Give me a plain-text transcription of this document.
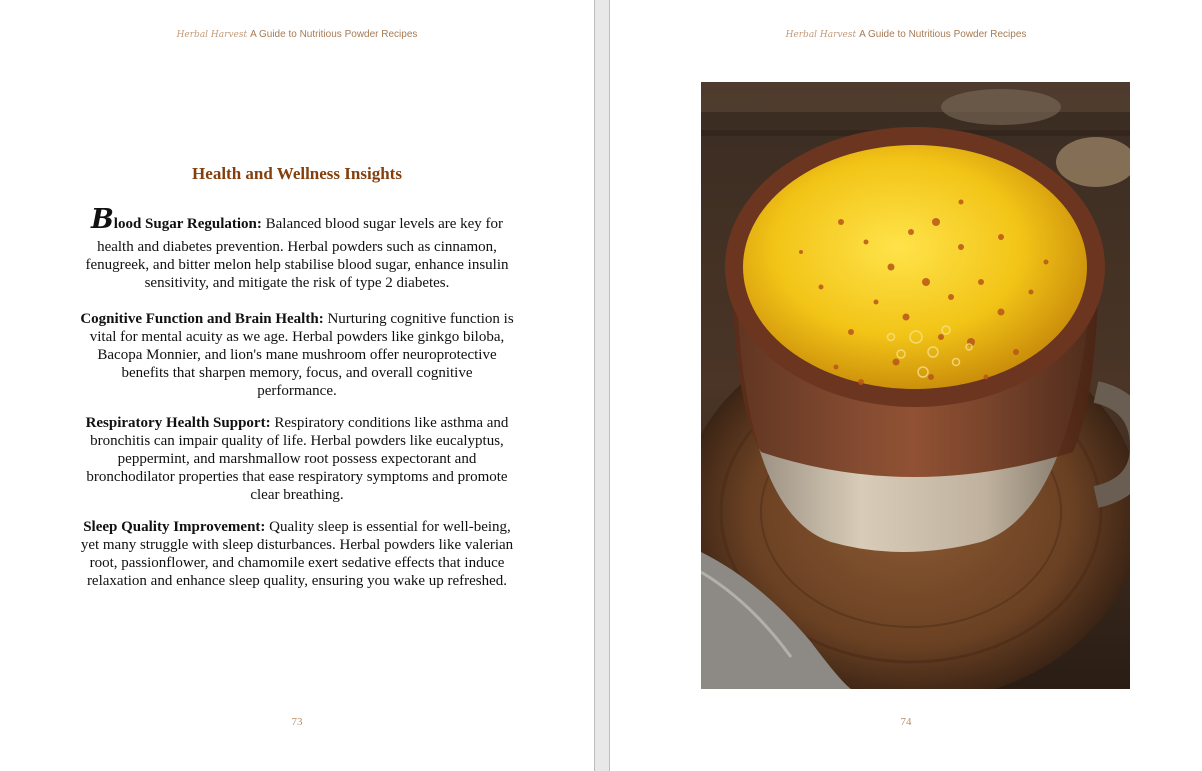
Herbal Harvest A Guide to Nutritious Powder Recipes
Health and Wellness Insights

Blood Sugar Regulation: Balanced blood sugar levels are key for
health and diabetes prevention. Herbal powders such as cinnamon, fenugreek, and bitter melon help stabilise blood sugar, enhance insulin sensitivity, and mitigate the risk of type 2 diabetes.

Cognitive Function and Brain Health: Nurturing cognitive function is vital for mental acuity as we age. Herbal powders like ginkgo biloba, Bacopa Monnier, and lion's mane mushroom offer neuroprotective benefits that sharpen memory, focus, and overall cognitive performance.

Respiratory Health Support: Respiratory conditions like asthma and bronchitis can impair quality of life. Herbal powders like eucalyptus, peppermint, and marshmallow root possess expectorant and bronchodilator properties that ease respiratory symptoms and promote clear breathing.

Sleep Quality Improvement: Quality sleep is essential for well-being, yet many struggle with sleep disturbances. Herbal powders like valerian root, passionflower, and chamomile exert sedative effects that induce relaxation and enhance sleep quality, ensuring you wake up refreshed.

73
Herbal Harvest A Guide to Nutritious Powder Recipes
74
